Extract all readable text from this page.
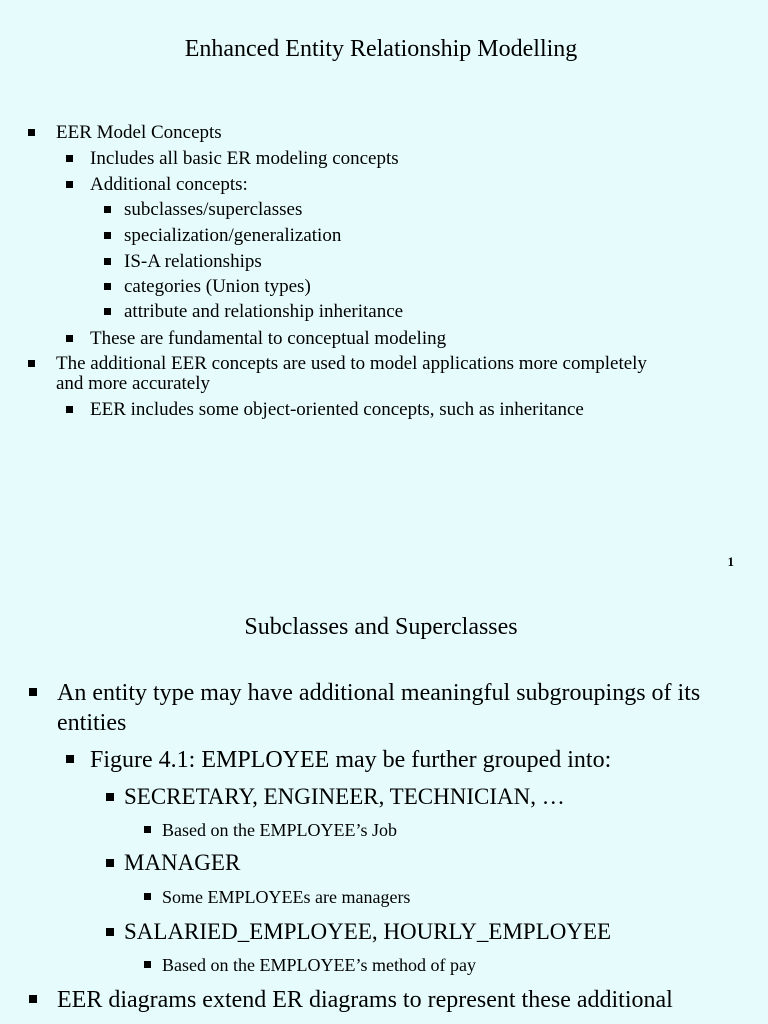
Enhanced Entity Relationship Modelling
EER Model Concepts
Includes all basic ER modeling concepts
Additional concepts:
subclasses/superclasses
specialization/generalization
IS-A relationships
categories (Union types)
attribute and relationship inheritance
These are fundamental to conceptual modeling
The additional EER concepts are used to model applications more completely
and more accurately
EER includes some object-oriented concepts, such as inheritance
1
Subclasses and Superclasses
An entity type may have additional meaningful subgroupings of its
entities
Figure 4.1: EMPLOYEE may be further grouped into:
SECRETARY, ENGINEER, TECHNICIAN, …
Based on the EMPLOYEE’s Job
MANAGER
Some EMPLOYEEs are managers
SALARIED_EMPLOYEE, HOURLY_EMPLOYEE
Based on the EMPLOYEE’s method of pay
EER diagrams extend ER diagrams to represent these additional
